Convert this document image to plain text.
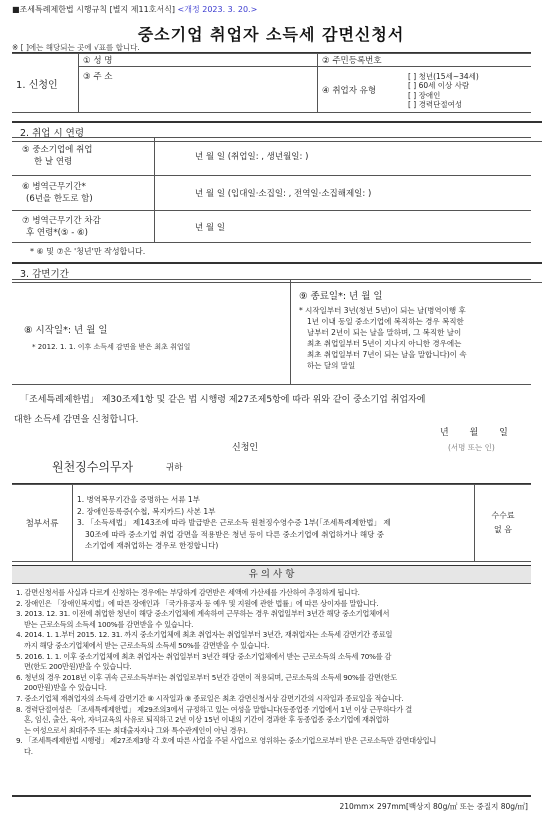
■조세특례제한법 시행규칙 [별지 제11호서식] <개정 2023. 3. 20.>
중소기업 취업자 소득세 감면신청서
※ [ ]에는 해당되는 곳에 √표를 합니다.
1. 신청인	① 성 명	② 주민등록번호
	③ 주 소	④ 취업자 유형
[ ] 청년(15세~34세)
[ ] 60세 이상 사람
[ ] 장애인
[ ] 경력단절여성
2. 취업 시 연령
⑤ 중소기업에 취업
한 날 연령	년 월 일 (취업일: , 생년월일: )

⑥ 병역근무기간*
(6년을 한도로 함)	년 월 일 (입대일·소집일: , 전역일·소집해제일: )

⑦ 병역근무기간 차감
후 연령*(⑤ - ⑥)	년 월 일
* ⑥ 및 ⑦은 '청년'만 작성합니다.
3. 감면기간
⑧ 시작일*: 년 월 일
* 2012. 1. 1. 이후 소득세 감면을 받은 최초 취업일

⑨ 종료일*: 년 월 일
* 시작일부터 3년(청년 5년)이 되는 날(병역이행 후
1년 이내 동일 중소기업에 복직하는 경우 복직한
날부터 2년이 되는 날을 말하며, 그 복직한 날이
최초 취업일부터 5년이 지나지 아니한 경우에는
최초 취업일부터 7년이 되는 날을 말합니다)이 속
하는 달의 말일
「조세특례제한법」 제30조제1항 및 같은 법 시행령 제27조제5항에 따라 위와 같이 중소기업 취업자에
대한 소득세 감면을 신청합니다.
년 월 일
신청인	(서명 또는 인)
원천징수의무자	귀하
첨부서류	
1. 병역복무기간을 증명하는 서류 1부
2. 장애인등록증(수첩, 복지카드) 사본 1부
3. 「소득세법」 제143조에 따라 발급받은 근로소득 원천징수영수증 1부(「조세특례제한법」 제
30조에 따라 중소기업 취업 감면을 적용받은 청년 등이 다른 중소기업에 취업하거나 해당 중
소기업에 재취업하는 경우로 한정합니다)

수수료
없 음
유 의 사 항
1. 감면신청서를 사실과 다르게 신청하는 경우에는 부당하게 감면받은 세액에 가산세를 가산하여 추징하게 됩니다.
2. 장애인은 「장애인복지법」에 따른 장애인과 「국가유공자 등 예우 및 지원에 관한 법률」에 따른 상이자를 말합니다.
3. 2013. 12. 31. 이전에 취업한 청년이 해당 중소기업체에 계속하여 근무하는 경우 취업일부터 3년간 해당 중소기업체에서
받는 근로소득의 소득세 100%를 감면받을 수 있습니다.
4. 2014. 1. 1.부터 2015. 12. 31. 까지 중소기업체에 최초 취업자는 취업일부터 3년간, 재취업자는 소득세 감면기간 종료일
까지 해당 중소기업체에서 받는 근로소득의 소득세 50%를 감면받을 수 있습니다.
5. 2016. 1. 1. 이후 중소기업체에 최초 취업자는 취업일부터 3년간 해당 중소기업체에서 받는 근로소득의 소득세 70%를 감
면(한도 200만원)받을 수 있습니다.
6. 청년의 경우 2018년 이후 귀속 근로소득부터는 취업일로부터 5년간 감면이 적용되며, 근로소득의 소득세 90%를 감면(한도
200만원)받을 수 있습니다.
7. 중소기업체 재취업자의 소득세 감면기간 ⑧ 시작일과 ⑨ 종료일은 최초 감면신청서상 감면기간의 시작일과 종료일을 적습니다.
8. 경력단절여성은 「조세특례제한법」 제29조의3에서 규정하고 있는 여성을 말합니다(동종업종 기업에서 1년 이상 근무하다가 결
혼, 임신, 출산, 육아, 자녀교육의 사유로 퇴직하고 2년 이상 15년 이내의 기간이 경과한 후 동종업종 중소기업에 재취업하
는 여성으로서 최대주주 또는 최대출자자나 그와 특수관계인이 아닌 경우).
9. 「조세특례제한법 시행령」 제27조제3항 각 호에 따른 사업을 주된 사업으로 영위하는 중소기업으로부터 받은 근로소득만 감면대상입니
다.
210mm× 297mm[백상지 80g/㎡ 또는 중질지 80g/㎡]
